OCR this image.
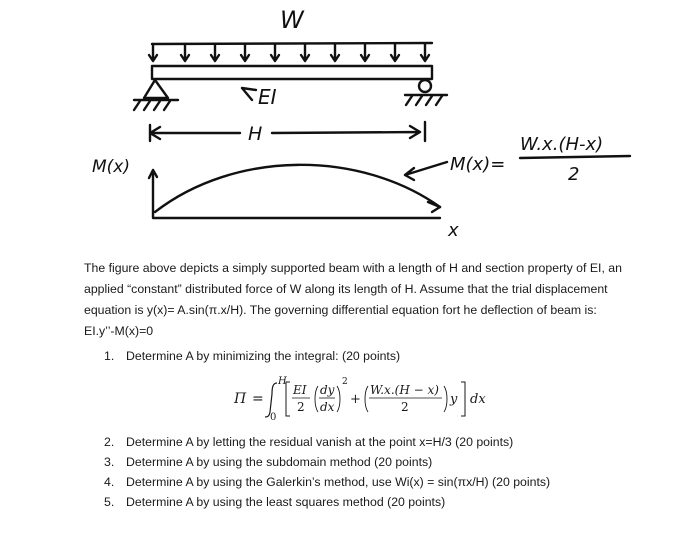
W
EI
H
M(x)	M(x)=
W.x.(H-x)
2
x

The figure above depicts a simply supported beam with a length of H and section property of EI, an applied “constant” distributed force of W along its length of H. Assume that the trial displacement equation is y(x)= A.sin(π.x/H). The governing differential equation fort he deflection of beam is: EI.y’’-M(x)=0

1. Determine A by minimizing the integral: (20 points)
Π =
H
0
EI
2
dy
dx
2
+
W.x.(H − x)
2	y dx
2. Determine A by letting the residual vanish at the point x=H/3 (20 points)
3. Determine A by using the subdomain method (20 points)
4. Determine A by using the Galerkin’s method, use Wi(x) = sin(πx/H) (20 points)
5. Determine A by using the least squares method (20 points)
